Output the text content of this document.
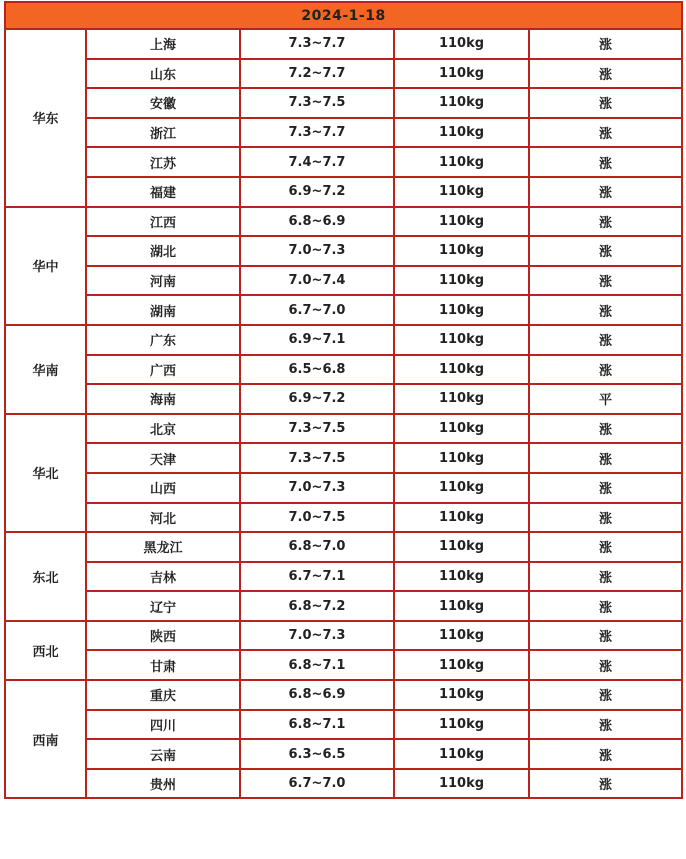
2024-1-18				
华东	上海	7.3~7.7	110kg	涨
	山东	7.2~7.7	110kg	涨
	安徽	7.3~7.5	110kg	涨
	浙江	7.3~7.7	110kg	涨
	江苏	7.4~7.7	110kg	涨
	福建	6.9~7.2	110kg	涨
华中	江西	6.8~6.9	110kg	涨
	湖北	7.0~7.3	110kg	涨
	河南	7.0~7.4	110kg	涨
	湖南	6.7~7.0	110kg	涨
华南	广东	6.9~7.1	110kg	涨
	广西	6.5~6.8	110kg	涨
	海南	6.9~7.2	110kg	平
华北	北京	7.3~7.5	110kg	涨
	天津	7.3~7.5	110kg	涨
	山西	7.0~7.3	110kg	涨
	河北	7.0~7.5	110kg	涨
东北	黑龙江	6.8~7.0	110kg	涨
	吉林	6.7~7.1	110kg	涨
	辽宁	6.8~7.2	110kg	涨
西北	陕西	7.0~7.3	110kg	涨
	甘肃	6.8~7.1	110kg	涨
西南	重庆	6.8~6.9	110kg	涨
	四川	6.8~7.1	110kg	涨
	云南	6.3~6.5	110kg	涨
	贵州	6.7~7.0	110kg	涨
